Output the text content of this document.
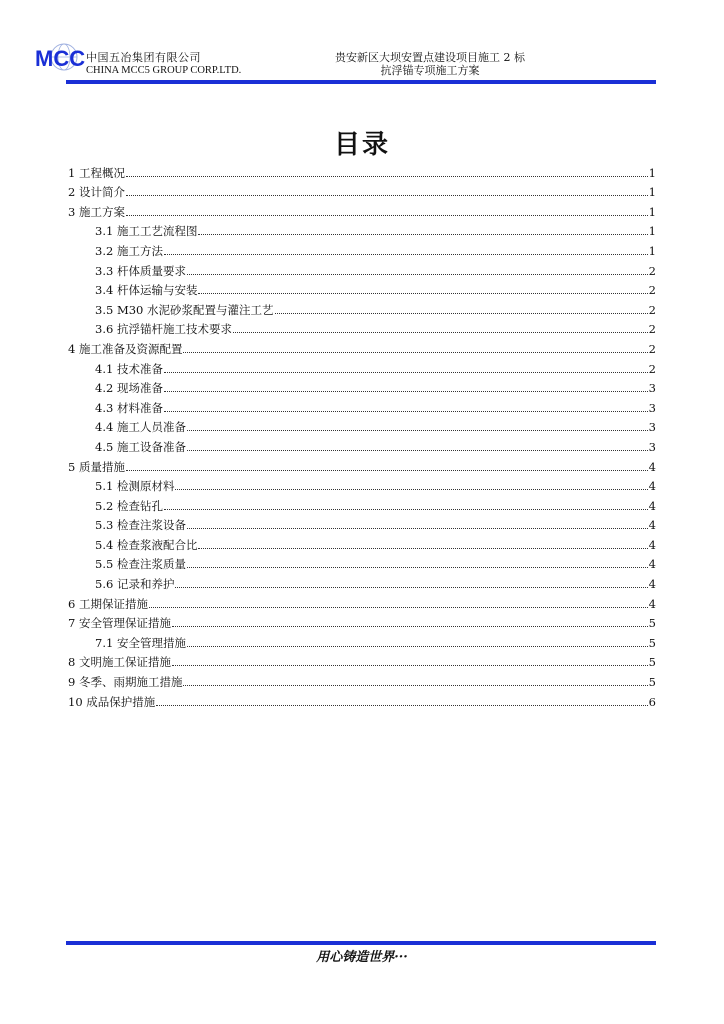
MCC 中国五冶集团有限公司
CHINA MCC5 GROUP CORP.LTD.
贵安新区大坝安置点建设项目施工 2 标
抗浮锚专项施工方案
目录
1 工程概况	1
2 设计简介	1
3 施工方案	1
3.1 施工工艺流程图	1
3.2 施工方法	1
3.3 杆体质量要求	2
3.4 杆体运输与安装	2
3.5 M30 水泥砂浆配置与灌注工艺	2
3.6 抗浮锚杆施工技术要求	2
4 施工准备及资源配置	2
4.1 技术准备	2
4.2 现场准备	3
4.3 材料准备	3
4.4 施工人员准备	3
4.5 施工设备准备	3
5 质量措施	4
5.1 检测原材料	4
5.2 检查钻孔	4
5.3 检查注浆设备	4
5.4 检查浆液配合比	4
5.5 检查注浆质量	4
5.6 记录和养护	4
6 工期保证措施	4
7 安全管理保证措施	5
7.1 安全管理措施	5
8 文明施工保证措施	5
9 冬季、雨期施工措施	5
10 成品保护措施	6
用心铸造世界···
